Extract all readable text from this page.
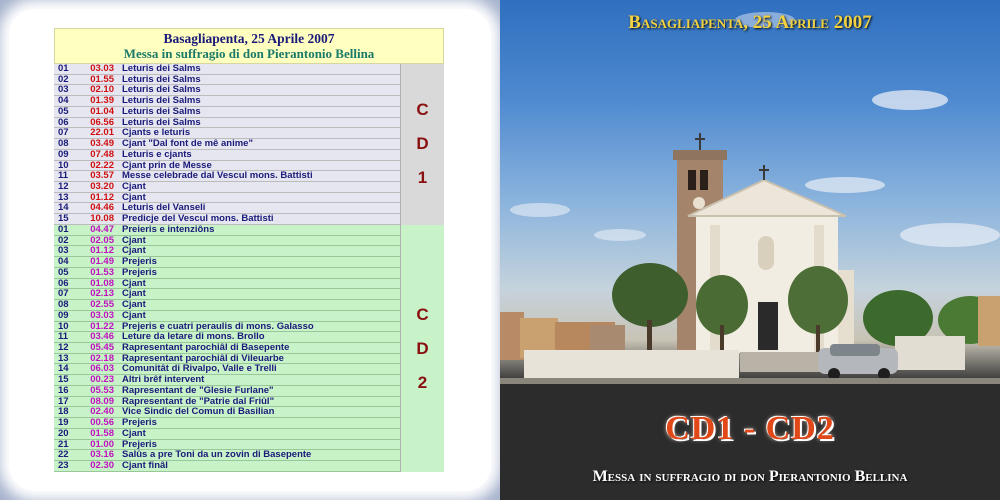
Basagliapenta, 25 Aprile 2007
Messa in suffragio di don Pierantonio Bellina
C
D
1
01	03.03 Leturis dei Salms
02	01.55 Leturis dei Salms
03	02.10 Leturis dei Salms
04	01.39 Leturis dei Salms
05	01.04 Leturis dei Salms
06	06.56 Leturis dei Salms
07	22.01 Cjants e leturis
08	03.49 Cjant "Dal font de mê anime"
09	07.48 Leturis e cjants
10	02.22 Cjant prin de Messe
11	03.57 Messe celebrade dal Vescul mons. Battisti
12	03.20 Cjant
13	01.12 Cjant
14	04.46 Leturis del Vanseli
15	10.08 Predicje del Vescul mons. Battisti
C
D
2
01	04.47 Preieris e intenziôns
02	02.05 Cjant
03	01.12 Cjant
04	01.49 Prejeris
05	01.53 Prejeris
06	01.08 Cjant
07	02.13 Cjant
08	02.55 Cjant
09	03.03 Cjant
10	01.22 Prejeris e cuatri peraulis di mons. Galasso
11	03.46 Leture da letare di mons. Brollo
12	05.45 Rapresentant parochiâl di Basepente
13	02.18 Rapresentant parochiâl di Vileuarbe
14	06.03 Comunitât di Rivalpo, Valle e Trelli
15	00.23 Altri brêf intervent
16	05.53 Rapresentant de "Glesie Furlane"
17	08.09 Rapresentant de "Patrie dal Friûl"
18	02.40 Vice Sindic del Comun di Basilian
19	00.56 Prejeris
20	01.58 Cjant
21	01.00 Prejeris
22	03.16 Salûs a pre Toni da un zovin di Basepente
23	02.30 Cjant finâl
Basagliapenta, 25 Aprile 2007
CD1 - CD2
Messa in suffragio di don Pierantonio Bellina
